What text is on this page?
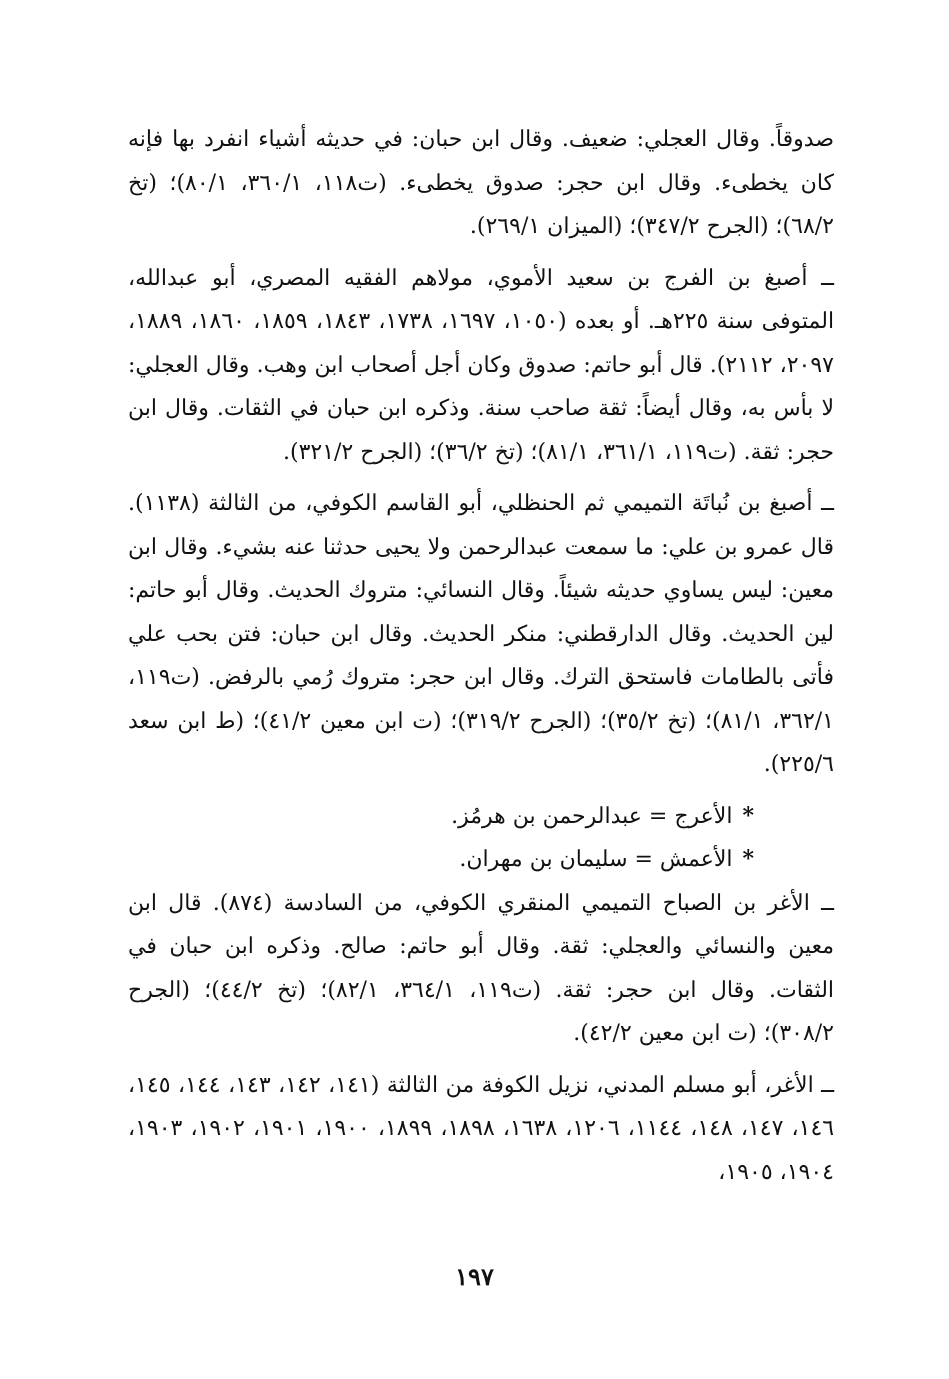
صدوقاً. وقال العجلي: ضعيف. وقال ابن حبان: في حديثه أشياء انفرد بها فإنه كان يخطىء. وقال ابن حجر: صدوق يخطىء. (ت١١٨، ٣٦٠/١، ٨٠/١)؛ (تخ ٦٨/٢)؛ (الجرح ٣٤٧/٢)؛ (الميزان ٢٦٩/١).

ــ أصبغ بن الفرج بن سعيد الأموي، مولاهم الفقيه المصري، أبو عبدالله، المتوفى سنة ٢٢٥هـ. أو بعده (١٠٥٠، ١٦٩٧، ١٧٣٨، ١٨٤٣، ١٨٥٩، ١٨٦٠، ١٨٨٩، ٢٠٩٧، ٢١١٢). قال أبو حاتم: صدوق وكان أجل أصحاب ابن وهب. وقال العجلي: لا بأس به، وقال أيضاً: ثقة صاحب سنة. وذكره ابن حبان في الثقات. وقال ابن حجر: ثقة. (ت١١٩، ٣٦١/١، ٨١/١)؛ (تخ ٣٦/٢)؛ (الجرح ٣٢١/٢).

ــ أصبغ بن نُباتَة التميمي ثم الحنظلي، أبو القاسم الكوفي، من الثالثة (١١٣٨). قال عمرو بن علي: ما سمعت عبدالرحمن ولا يحيى حدثنا عنه بشيء. وقال ابن معين: ليس يساوي حديثه شيئاً. وقال النسائي: متروك الحديث. وقال أبو حاتم: لين الحديث. وقال الدارقطني: منكر الحديث. وقال ابن حبان: فتن بحب علي فأتى بالطامات فاستحق الترك. وقال ابن حجر: متروك رُمي بالرفض. (ت١١٩، ٣٦٢/١، ٨١/١)؛ (تخ ٣٥/٢)؛ (الجرح ٣١٩/٢)؛ (ت ابن معين ٤١/٢)؛ (ط ابن سعد ٢٢٥/٦).

*الأعرج = عبدالرحمن بن هرمُز.

*الأعمش = سليمان بن مهران.

ــ الأغر بن الصباح التميمي المنقري الكوفي، من السادسة (٨٧٤). قال ابن معين والنسائي والعجلي: ثقة. وقال أبو حاتم: صالح. وذكره ابن حبان في الثقات. وقال ابن حجر: ثقة. (ت١١٩، ٣٦٤/١، ٨٢/١)؛ (تخ ٤٤/٢)؛ (الجرح ٣٠٨/٢)؛ (ت ابن معين ٤٢/٢).

ــ الأغر، أبو مسلم المدني، نزيل الكوفة من الثالثة (١٤١، ١٤٢، ١٤٣، ١٤٤، ١٤٥، ١٤٦، ١٤٧، ١٤٨، ١١٤٤، ١٢٠٦، ١٦٣٨، ١٨٩٨، ١٨٩٩، ١٩٠٠، ١٩٠١، ١٩٠٢، ١٩٠٣، ١٩٠٤، ١٩٠٥،

١٩٧
